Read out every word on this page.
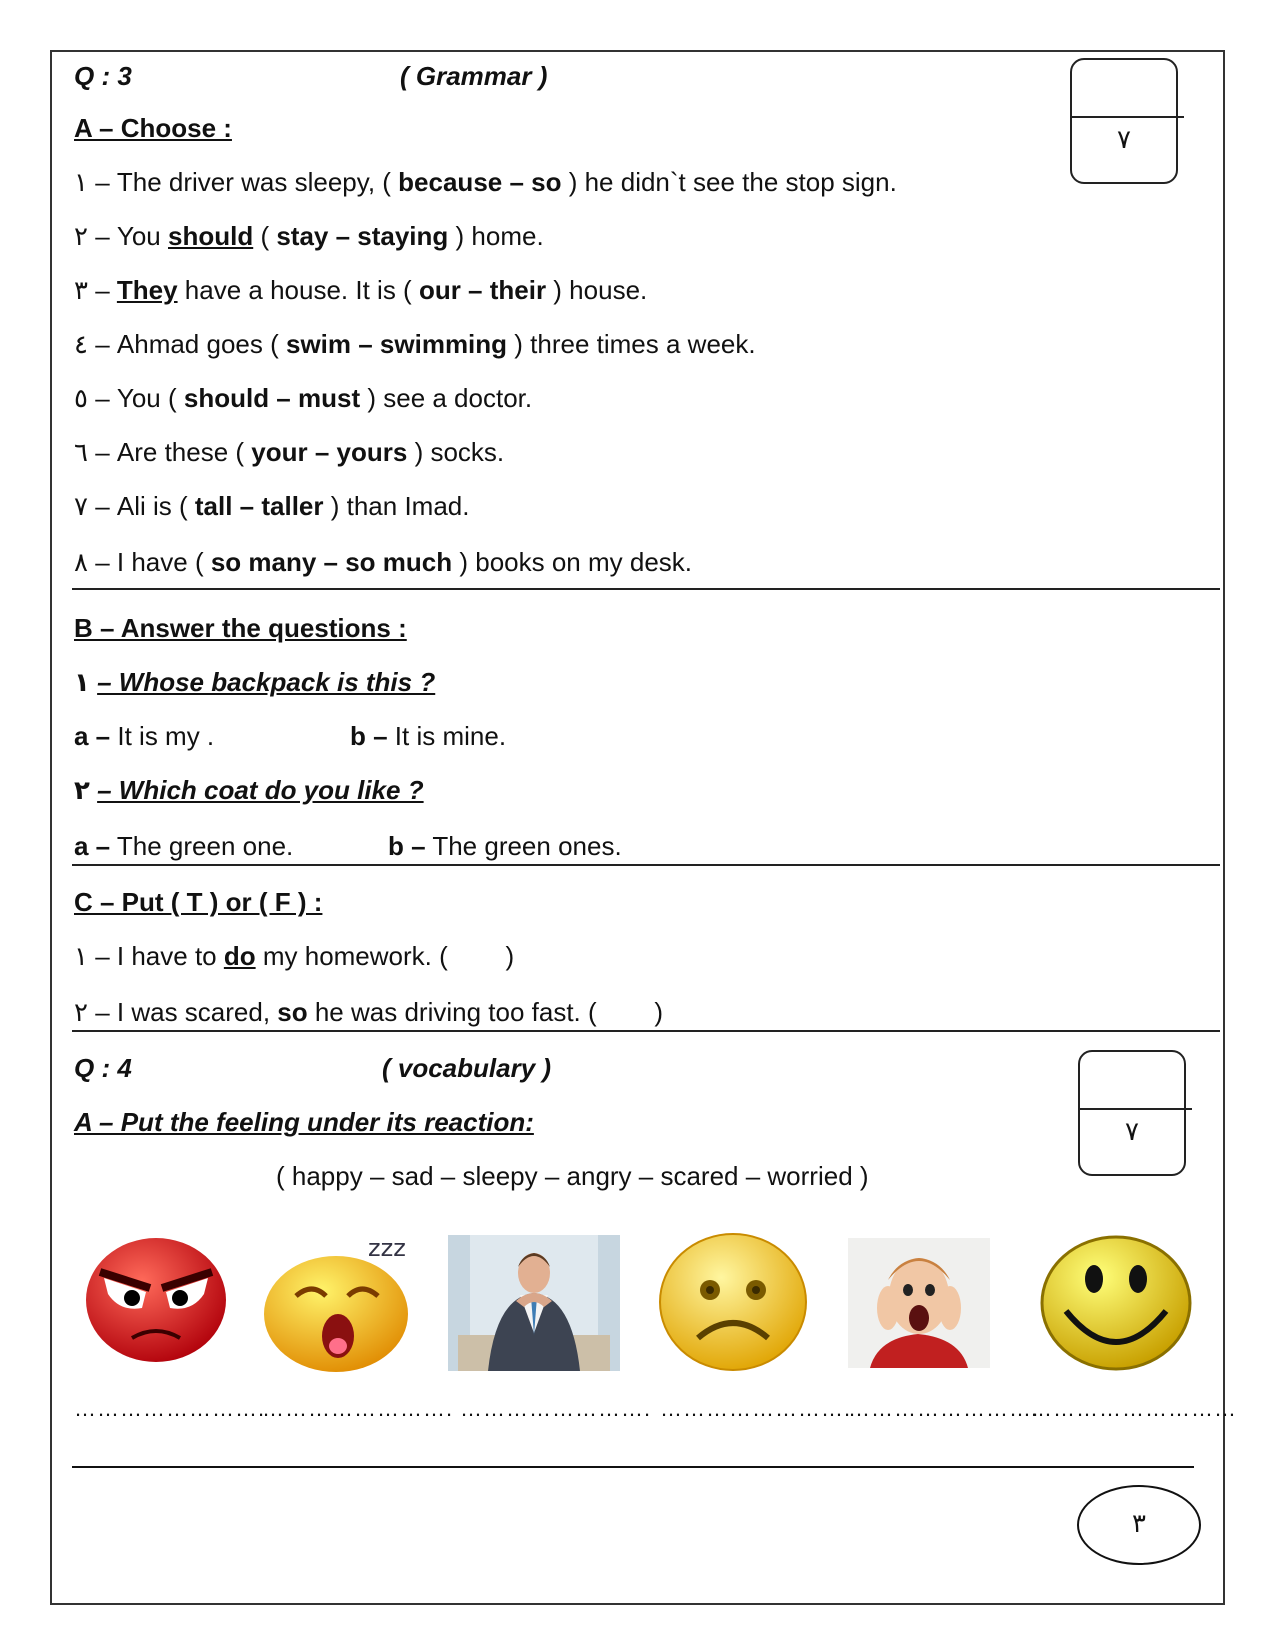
Q : 3	( Grammar )
٧
A – Choose :
١ – The driver was sleepy, ( because – so ) he didn`t see the stop sign.
٢ – You should ( stay – staying ) home.
٣ – They have a house. It is ( our – their ) house.
٤ – Ahmad goes ( swim – swimming ) three times a week.
٥ – You ( should – must ) see a doctor.
٦ – Are these ( your – yours ) socks.
٧ – Ali is ( tall – taller ) than Imad.
٨ – I have ( so many – so much ) books on my desk.
B – Answer the questions :
١ – Whose backpack is this ?
a – It is my .	b – It is mine.
٢ – Which coat do you like ?
a – The green one.	b – The green ones.
C – Put ( T ) or ( F ) :
١ – I have to do my homework. (        )
٢ – I was scared, so he was driving too fast. (        )
Q : 4	( vocabulary )
٧
A – Put the feeling under its reaction:
( happy – sad – sleepy – angry – scared – worried )
zzz
…………………….
……………………. ……………………. …………………….
…………………….
………………………
٣
